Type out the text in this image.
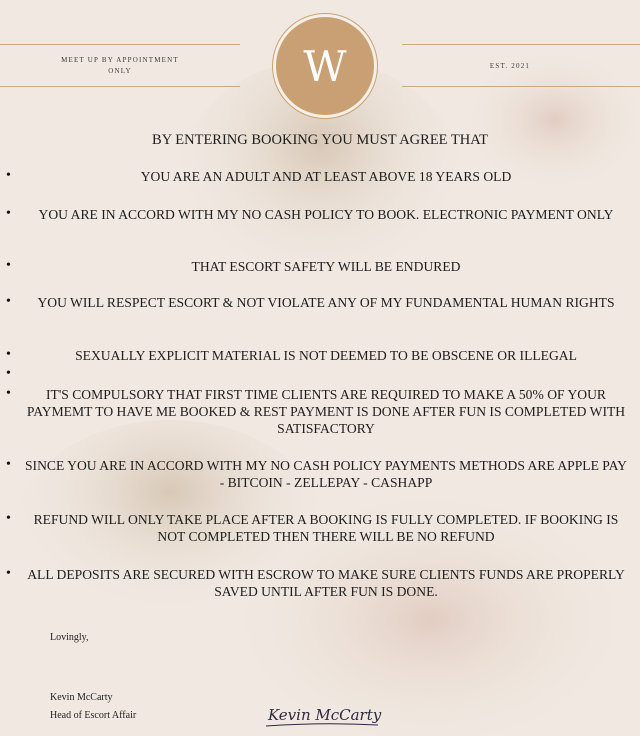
MEET UP BY APPOINTMENT
ONLY
EST. 2021
W
BY ENTERING BOOKING YOU MUST AGREE THAT
•	YOU ARE AN ADULT AND AT LEAST ABOVE 18 YEARS OLD
•	YOU ARE IN ACCORD WITH MY NO CASH POLICY TO BOOK. ELECTRONIC PAYMENT ONLY
•	THAT ESCORT SAFETY WILL BE ENDURED
•	YOU WILL RESPECT ESCORT & NOT VIOLATE ANY OF MY FUNDAMENTAL HUMAN RIGHTS
•	SEXUALLY EXPLICIT MATERIAL IS NOT DEEMED TO BE OBSCENE OR ILLEGAL
•
•	IT'S COMPULSORY THAT FIRST TIME CLIENTS ARE REQUIRED TO MAKE A 50% OF YOUR PAYMEMT TO HAVE ME BOOKED & REST PAYMENT IS DONE AFTER FUN IS COMPLETED WITH SATISFACTORY
•	SINCE YOU ARE IN ACCORD WITH MY NO CASH POLICY PAYMENTS METHODS ARE APPLE PAY - BITCOIN - ZELLEPAY - CASHAPP
•	REFUND WILL ONLY TAKE PLACE AFTER A BOOKING IS FULLY COMPLETED. IF BOOKING IS NOT COMPLETED THEN THERE WILL BE NO REFUND
•	ALL DEPOSITS ARE SECURED WITH ESCROW TO MAKE SURE CLIENTS FUNDS ARE PROPERLY SAVED UNTIL AFTER FUN IS DONE.
Lovingly,
Kevin McCarty
Head of Escort Affair	Kevin McCarty
